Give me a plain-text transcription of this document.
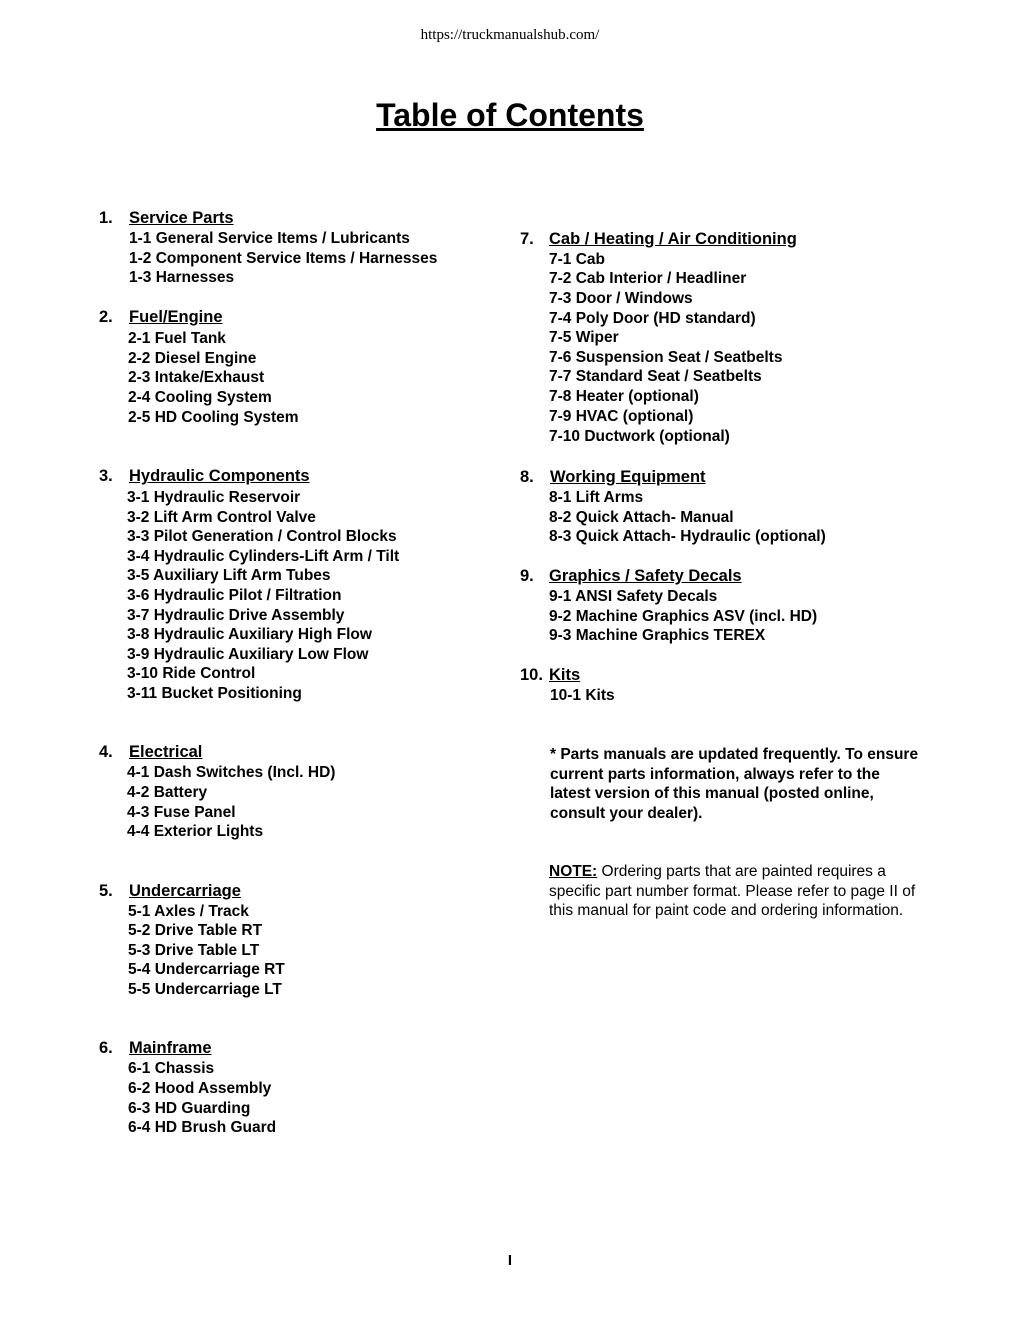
https://truckmanualshub.com/
Table of Contents
1. Service Parts
1-1 General Service Items / Lubricants
1-2 Component Service Items / Harnesses
1-3 Harnesses
2. Fuel/Engine
2-1 Fuel Tank
2-2 Diesel Engine
2-3 Intake/Exhaust
2-4 Cooling System
2-5 HD Cooling System
3. Hydraulic Components
3-1 Hydraulic Reservoir
3-2 Lift Arm Control Valve
3-3 Pilot Generation / Control Blocks
3-4 Hydraulic Cylinders-Lift Arm / Tilt
3-5 Auxiliary Lift Arm Tubes
3-6 Hydraulic Pilot / Filtration
3-7 Hydraulic Drive Assembly
3-8 Hydraulic Auxiliary High Flow
3-9 Hydraulic Auxiliary Low Flow
3-10 Ride Control
3-11 Bucket Positioning
4. Electrical
4-1 Dash Switches (Incl. HD)
4-2 Battery
4-3 Fuse Panel
4-4 Exterior Lights
5. Undercarriage
5-1 Axles / Track
5-2 Drive Table RT
5-3 Drive Table LT
5-4 Undercarriage RT
5-5 Undercarriage LT
6. Mainframe
6-1 Chassis
6-2 Hood Assembly
6-3 HD Guarding
6-4 HD Brush Guard
7. Cab / Heating / Air Conditioning
7-1 Cab
7-2 Cab Interior / Headliner
7-3 Door / Windows
7-4 Poly Door (HD standard)
7-5 Wiper
7-6 Suspension Seat / Seatbelts
7-7 Standard Seat / Seatbelts
7-8 Heater (optional)
7-9 HVAC (optional)
7-10 Ductwork (optional)
8. Working Equipment
8-1 Lift Arms
8-2 Quick Attach- Manual
8-3 Quick Attach- Hydraulic (optional)
9. Graphics / Safety Decals
9-1 ANSI Safety Decals
9-2 Machine Graphics ASV (incl. HD)
9-3 Machine Graphics TEREX
10. Kits
10-1 Kits
* Parts manuals are updated frequently. To ensure current parts information, always refer to the latest version of this manual (posted online, consult your dealer).
NOTE: Ordering parts that are painted requires a specific part number format. Please refer to page II of this manual for paint code and ordering information.
I
